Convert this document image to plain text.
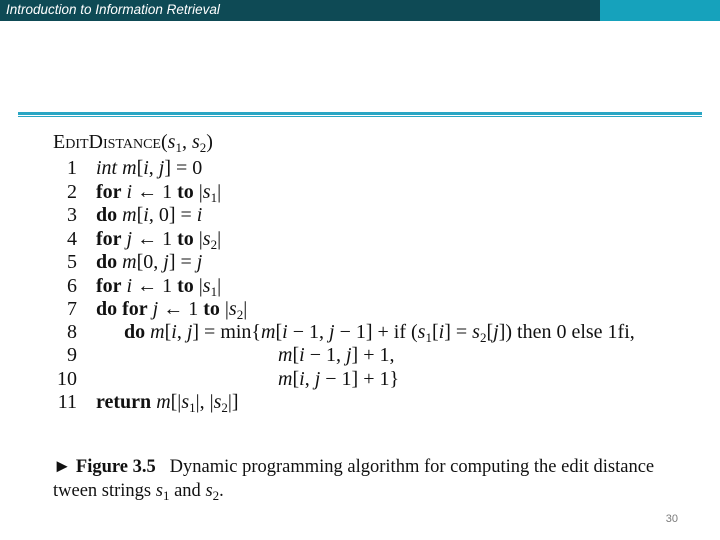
Introduction to Information Retrieval
$EditDistance(s_1$, $s_2$)
1 int m[i, j] = 0
2 for i ← 1 to $|s_1|$
3 do m[i, 0] = i
4 for j ← 1 to $|s_2|$
5 do m[0, j] = j
6 for i ← 1 to $|s_1|$
7 do for j ← 1 to $|s_2|$
8 do m[i, j] = min{m[i − 1, j − 1] + if $(s_1[i] = s_2[j])$ then 0 else 1fi,
9	m[i − 1, j] + 1,
10	m[i, j − 1] + 1}
11 return $m[|s_1|$, $|s_2|$]
► Figure 3.5 Dynamic programming algorithm for computing the edit distance
tween strings $s_1$ and $s_2$.
30
